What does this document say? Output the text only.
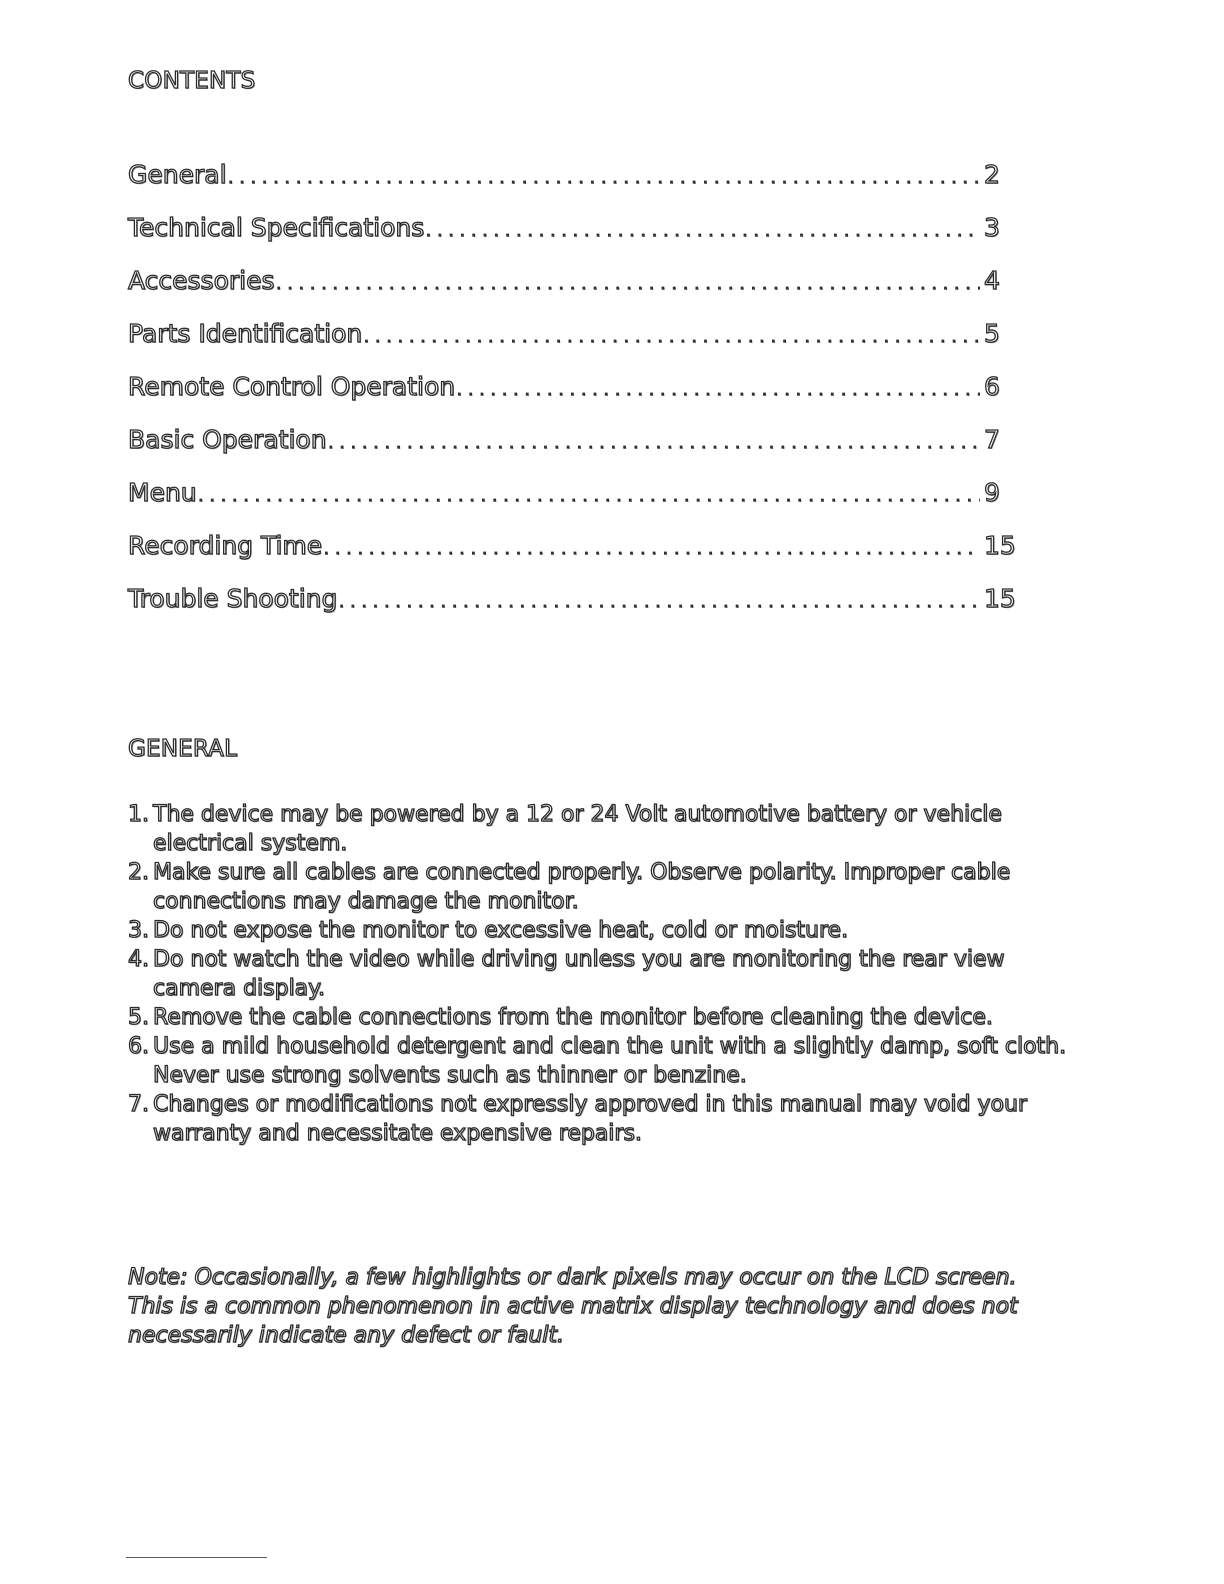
CONTENTS
General . . .	2
Technical Specifications . . .	3
Accessories . . .	4
Parts Identification . . .	5
Remote Control Operation . . .	6
Basic Operation . . .	7
Menu . . .	9
Recording Time . . .	15
Trouble Shooting . . .	15
GENERAL
1. The device may be powered by a 12 or 24 Volt automotive battery or vehicle electrical system.
2. Make sure all cables are connected properly. Observe polarity. Improper cable connections may damage the monitor.
3. Do not expose the monitor to excessive heat, cold or moisture.
4. Do not watch the video while driving unless you are monitoring the rear view camera display.
5. Remove the cable connections from the monitor before cleaning the device.
6. Use a mild household detergent and clean the unit with a slightly damp, soft cloth. Never use strong solvents such as thinner or benzine.
7. Changes or modifications not expressly approved in this manual may void your warranty and necessitate expensive repairs.
Note: Occasionally, a few highlights or dark pixels may occur on the LCD screen.
This is a common phenomenon in active matrix display technology and does not
necessarily indicate any defect or fault.
